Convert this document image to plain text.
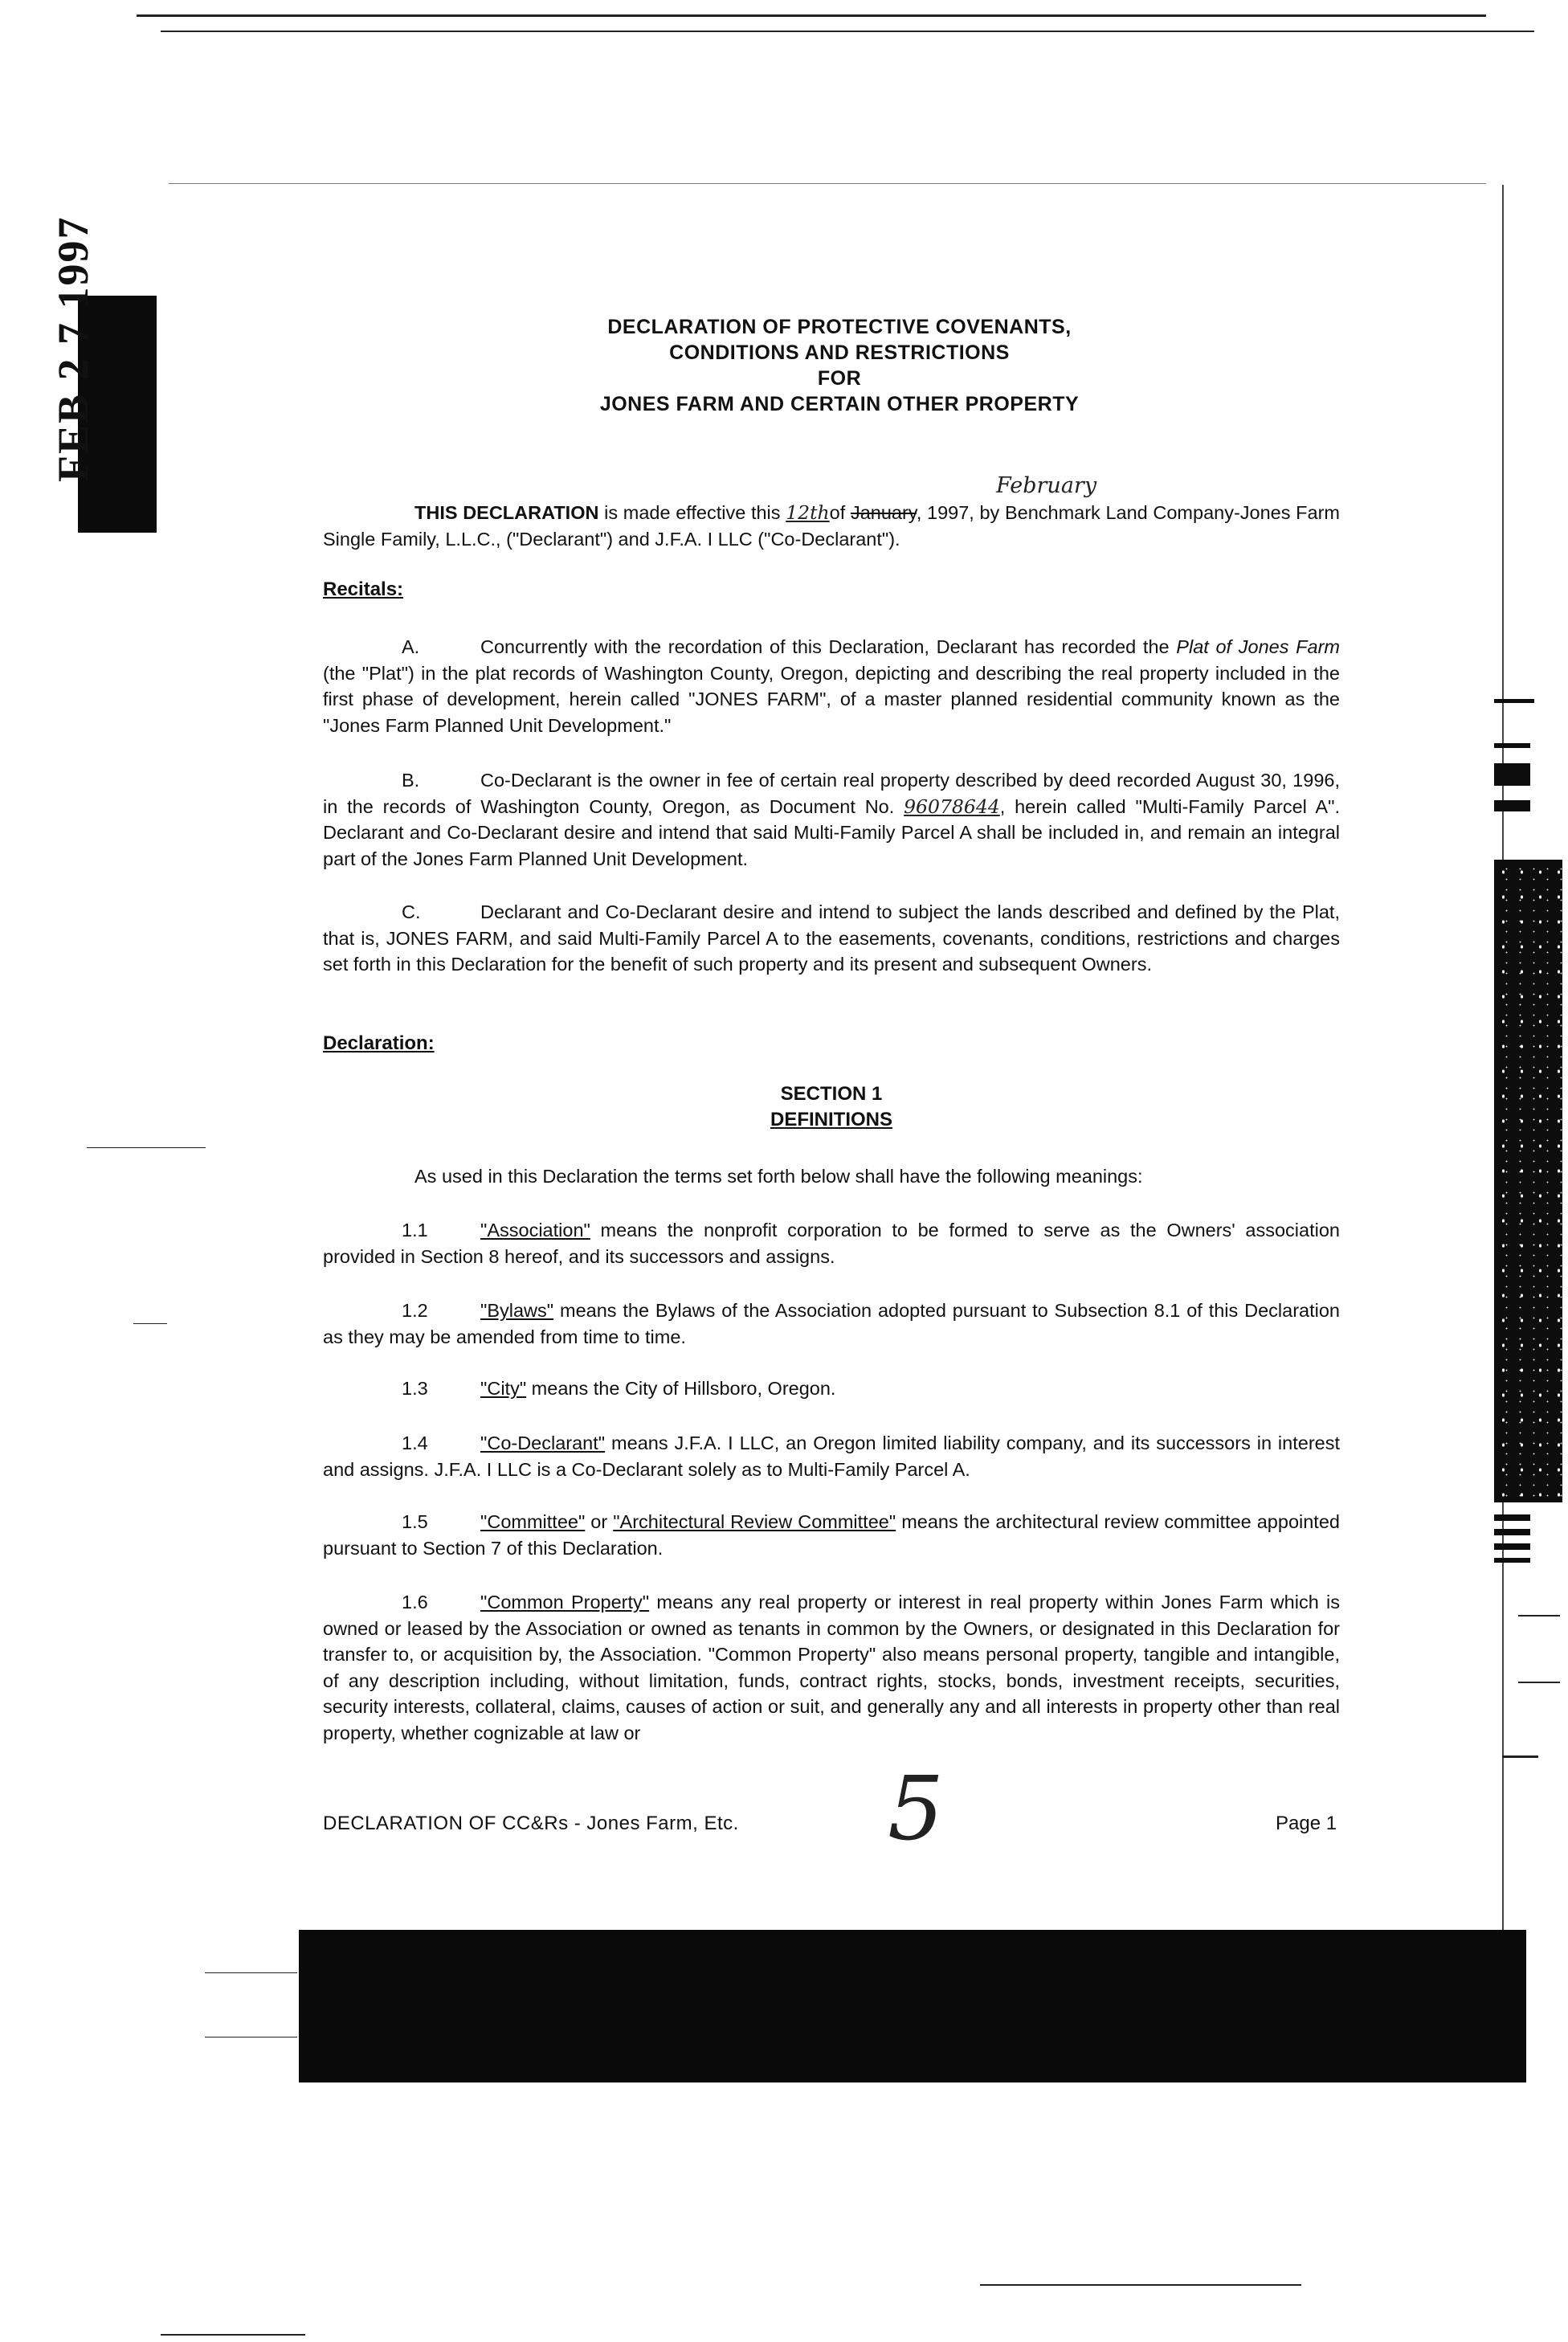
FEB 2 7 1997	DECLARATION OF PROTECTIVE COVENANTS,
CONDITIONS AND RESTRICTIONS
FOR
JONES FARM AND CERTAIN OTHER PROPERTY
February
THIS DECLARATION is made effective this 12thof January, 1997, by Benchmark Land Company-Jones Farm Single Family, L.L.C., ("Declarant") and J.F.A. I LLC ("Co-Declarant").
Recitals:
A.	Concurrently with the recordation of this Declaration, Declarant has recorded the Plat of Jones Farm (the "Plat") in the plat records of Washington County, Oregon, depicting and describing the real property included in the first phase of development, herein called "JONES FARM", of a master planned residential community known as the "Jones Farm Planned Unit Development."
B.	Co-Declarant is the owner in fee of certain real property described by deed recorded August 30, 1996, in the records of Washington County, Oregon, as Document No. 96078644, herein called "Multi-Family Parcel A". Declarant and Co-Declarant desire and intend that said Multi-Family Parcel A shall be included in, and remain an integral part of the Jones Farm Planned Unit Development.
C.	Declarant and Co-Declarant desire and intend to subject the lands described and defined by the Plat, that is, JONES FARM, and said Multi-Family Parcel A to the easements, covenants, conditions, restrictions and charges set forth in this Declaration for the benefit of such property and its present and subsequent Owners.
Declaration:
SECTION 1
DEFINITIONS
As used in this Declaration the terms set forth below shall have the following meanings:
1.1	"Association" means the nonprofit corporation to be formed to serve as the Owners' association provided in Section 8 hereof, and its successors and assigns.
1.2	"Bylaws" means the Bylaws of the Association adopted pursuant to Subsection 8.1 of this Declaration as they may be amended from time to time.
1.3	"City" means the City of Hillsboro, Oregon.
1.4	"Co-Declarant" means J.F.A. I LLC, an Oregon limited liability company, and its successors in interest and assigns. J.F.A. I LLC is a Co-Declarant solely as to Multi-Family Parcel A.
1.5	"Committee" or "Architectural Review Committee" means the architectural review committee appointed pursuant to Section 7 of this Declaration.
1.6	"Common Property" means any real property or interest in real property within Jones Farm which is owned or leased by the Association or owned as tenants in common by the Owners, or designated in this Declaration for transfer to, or acquisition by, the Association. "Common Property" also means personal property, tangible and intangible, of any description including, without limitation, funds, contract rights, stocks, bonds, investment receipts, securities, security interests, collateral, claims, causes of action or suit, and generally any and all interests in property other than real property, whether cognizable at law or
DECLARATION OF CC&Rs - Jones Farm, Etc. 5	Page 1
